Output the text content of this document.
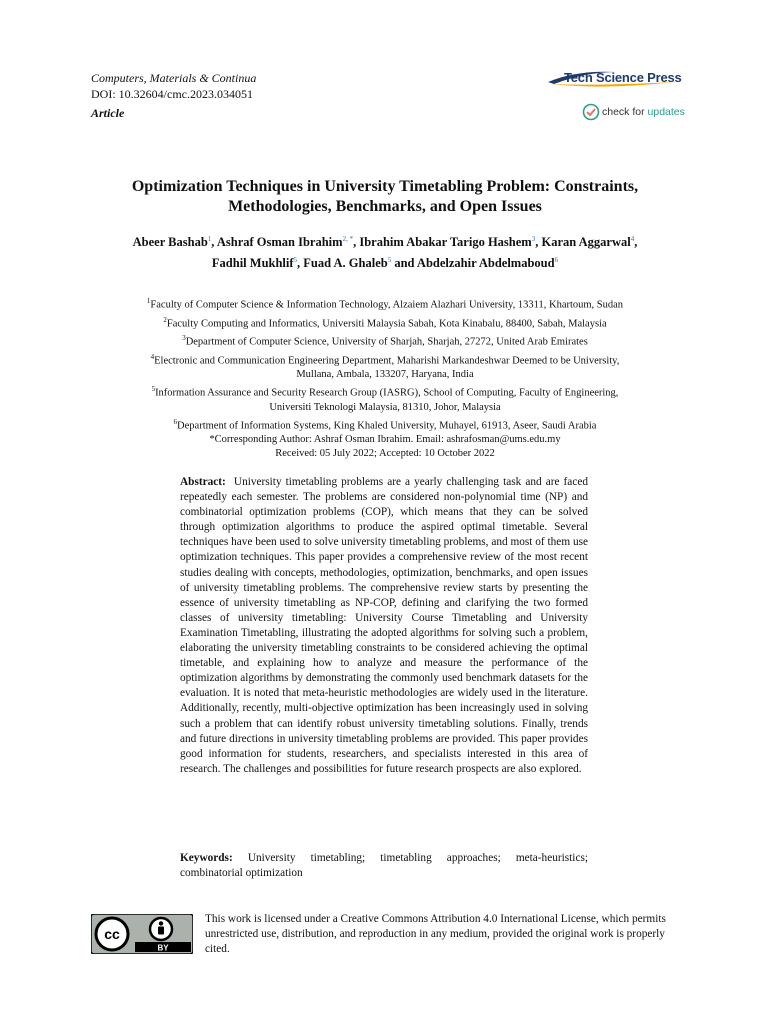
Computers, Materials & Continua
DOI: 10.32604/cmc.2023.034051
Article
Tech Science Press
check for updates
Optimization Techniques in University Timetabling Problem: Constraints,
Methodologies, Benchmarks, and Open Issues
Abeer Bashab$^1$, Ashraf Osman Ibrahim$^{2, *}$, Ibrahim Abakar Tarigo Hashem$^3$, Karan Aggarwal$^4$,
Fadhil Mukhlif$^5$, Fuad A. Ghaleb$^5$ and Abdelzahir Abdelmaboud$^6$
$^1$Faculty of Computer Science & Information Technology, Alzaiem Alazhari University, 13311, Khartoum, Sudan
$^2$Faculty Computing and Informatics, Universiti Malaysia Sabah, Kota Kinabalu, 88400, Sabah, Malaysia
$^3$Department of Computer Science, University of Sharjah, Sharjah, 27272, United Arab Emirates
$^4$Electronic and Communication Engineering Department, Maharishi Markandeshwar Deemed to be University,
Mullana, Ambala, 133207, Haryana, India
$^5$Information Assurance and Security Research Group (IASRG), School of Computing, Faculty of Engineering,
Universiti Teknologi Malaysia, 81310, Johor, Malaysia
$^6$Department of Information Systems, King Khaled University, Muhayel, 61913, Aseer, Saudi Arabia
*Corresponding Author: Ashraf Osman Ibrahim. Email: ashrafosman@ums.edu.my
Received: 05 July 2022; Accepted: 10 October 2022
Abstract: University timetabling problems are a yearly challenging task and are faced repeatedly each semester. The problems are considered non-polynomial time (NP) and combinatorial optimization problems (COP), which means that they can be solved through optimization algorithms to produce the aspired optimal timetable. Several techniques have been used to solve university timetabling problems, and most of them use optimization techniques. This paper provides a comprehensive review of the most recent studies dealing with concepts, methodologies, optimization, benchmarks, and open issues of university timetabling problems. The comprehensive review starts by presenting the essence of university timetabling as NP-COP, defining and clarifying the two formed classes of university timetabling: University Course Timetabling and University Examination Timetabling, illustrating the adopted algorithms for solving such a problem, elaborating the university timetabling constraints to be considered achieving the optimal timetable, and explaining how to analyze and measure the performance of the optimization algorithms by demonstrating the commonly used benchmark datasets for the evaluation. It is noted that meta-heuristic methodologies are widely used in the literature. Additionally, recently, multi-objective optimization has been increasingly used in solving such a problem that can identify robust university timetabling solutions. Finally, trends and future directions in university timetabling problems are provided. This paper provides good information for students, researchers, and specialists interested in this area of research. The challenges and possibilities for future research prospects are also explored.
Keywords: University timetabling; timetabling approaches; meta-heuristics; combinatorial optimization
cc
BY
This work is licensed under a Creative Commons Attribution 4.0 International License, which permits unrestricted use, distribution, and reproduction in any medium, provided the original work is properly cited.
